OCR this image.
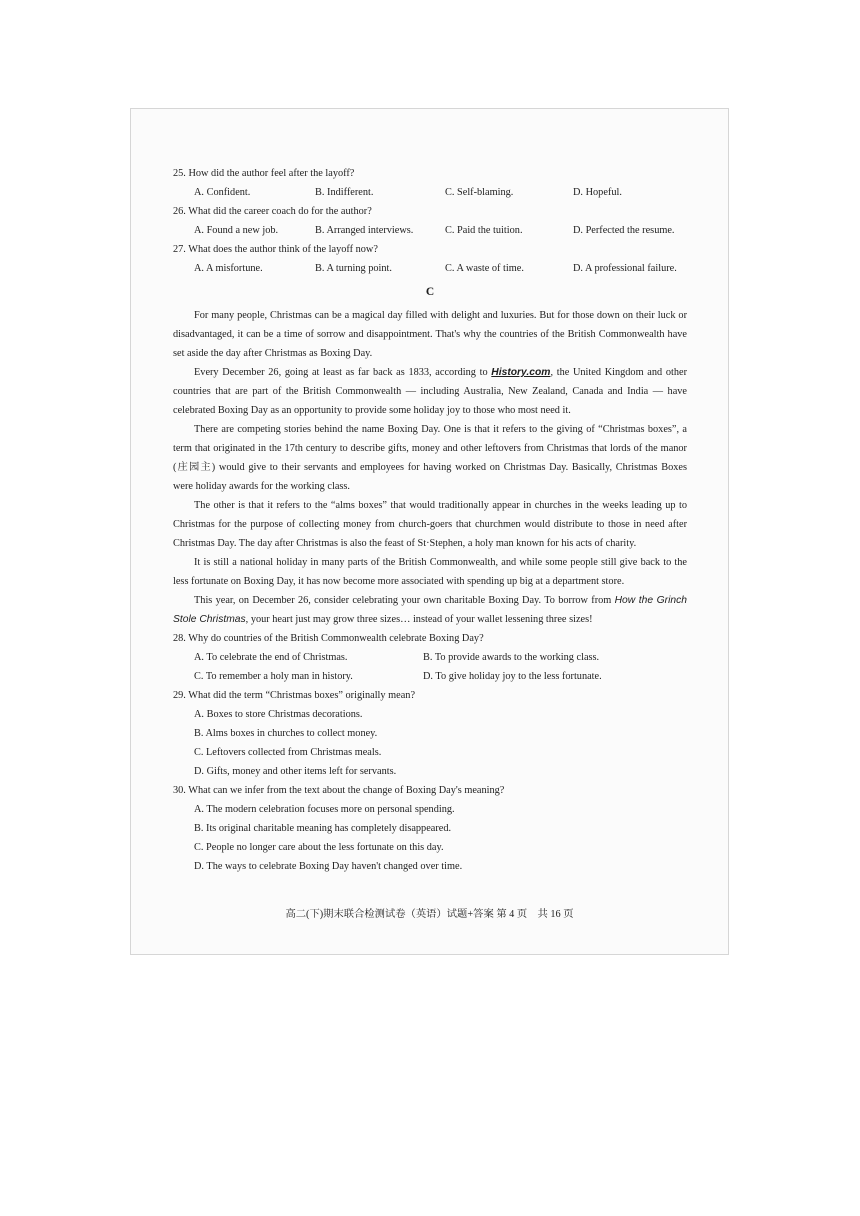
25. How did the author feel after the layoff?
A. Confident.	B. Indifferent.	C. Self-blaming.	D. Hopeful.
26. What did the career coach do for the author?
A. Found a new job.	B. Arranged interviews.	C. Paid the tuition.	D. Perfected the resume.
27. What does the author think of the layoff now?
A. A misfortune.	B. A turning point.	C. A waste of time.	D. A professional failure.
C

For many people, Christmas can be a magical day filled with delight and luxuries. But for those down on their luck or disadvantaged, it can be a time of sorrow and disappointment. That's why the countries of the British Commonwealth have set aside the day after Christmas as Boxing Day.

Every December 26, going at least as far back as 1833, according to History.com, the United Kingdom and other countries that are part of the British Commonwealth — including Australia, New Zealand, Canada and India — have celebrated Boxing Day as an opportunity to provide some holiday joy to those who most need it.

There are competing stories behind the name Boxing Day. One is that it refers to the giving of “Christmas boxes”, a term that originated in the 17th century to describe gifts, money and other leftovers from Christmas that lords of the manor (庄园主) would give to their servants and employees for having worked on Christmas Day. Basically, Christmas Boxes were holiday awards for the working class.

The other is that it refers to the “alms boxes” that would traditionally appear in churches in the weeks leading up to Christmas for the purpose of collecting money from church-goers that churchmen would distribute to those in need after Christmas Day. The day after Christmas is also the feast of St·Stephen, a holy man known for his acts of charity.

It is still a national holiday in many parts of the British Commonwealth, and while some people still give back to the less fortunate on Boxing Day, it has now become more associated with spending up big at a department store.

This year, on December 26, consider celebrating your own charitable Boxing Day. To borrow from How the Grinch Stole Christmas, your heart just may grow three sizes… instead of your wallet lessening three sizes!

28. Why do countries of the British Commonwealth celebrate Boxing Day?
A. To celebrate the end of Christmas.	B. To provide awards to the working class.
C. To remember a holy man in history.	D. To give holiday joy to the less fortunate.
29. What did the term “Christmas boxes” originally mean?
A. Boxes to store Christmas decorations.
B. Alms boxes in churches to collect money.
C. Leftovers collected from Christmas meals.
D. Gifts, money and other items left for servants.
30. What can we infer from the text about the change of Boxing Day's meaning?
A. The modern celebration focuses more on personal spending.
B. Its original charitable meaning has completely disappeared.
C. People no longer care about the less fortunate on this day.
D. The ways to celebrate Boxing Day haven't changed over time.
高二(下)期末联合检测试卷（英语）试题+答案 第 4 页　共 16 页
